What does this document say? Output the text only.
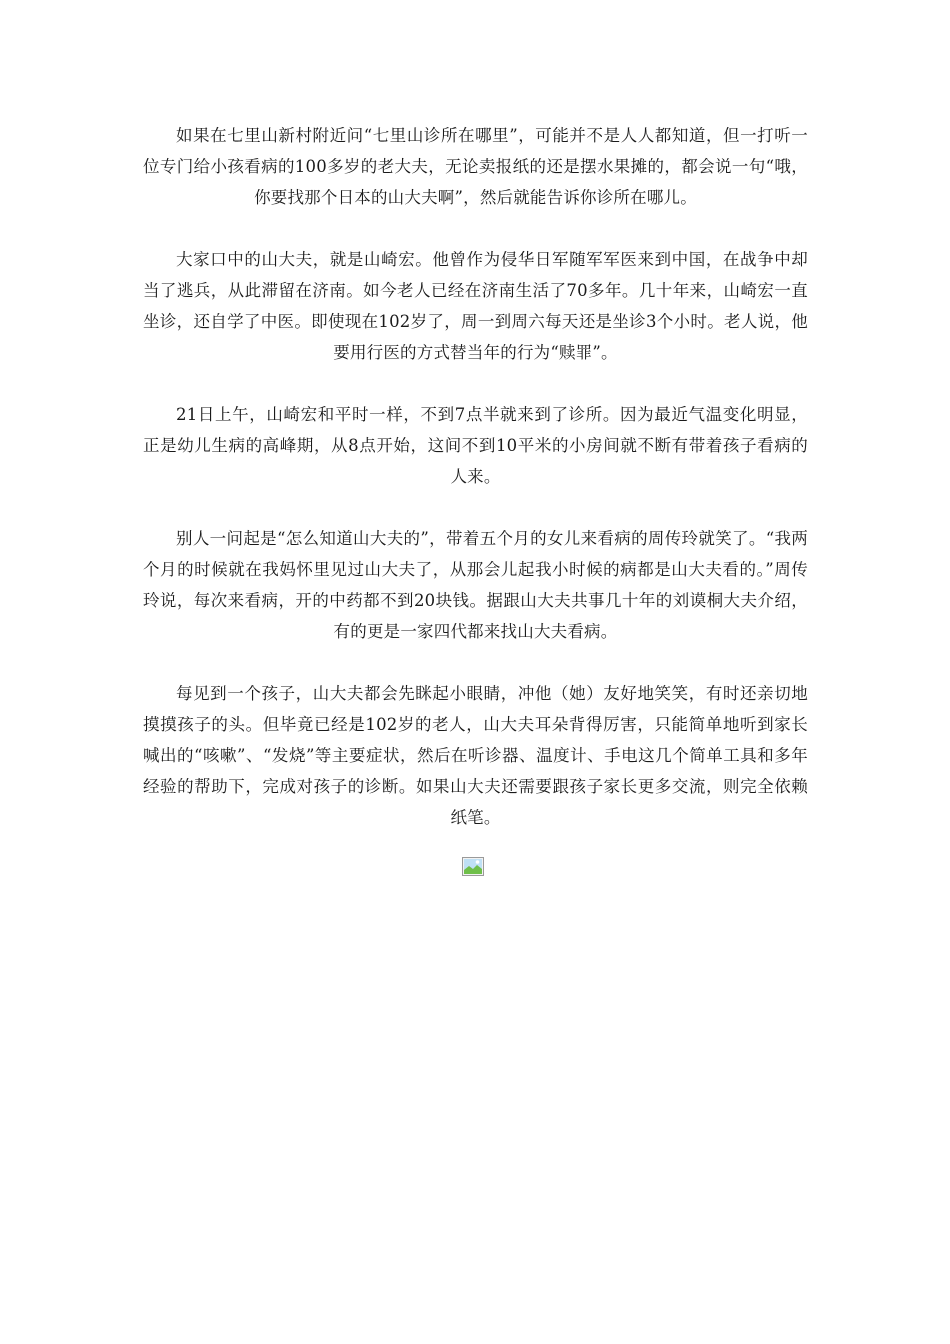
如果在七里山新村附近问“七里山诊所在哪里”，可能并不是人人都知道，但一打听一位专门给小孩看病的100多岁的老大夫，无论卖报纸的还是摆水果摊的，都会说一句“哦，你要找那个日本的山大夫啊”，然后就能告诉你诊所在哪儿。

大家口中的山大夫，就是山崎宏。他曾作为侵华日军随军军医来到中国，在战争中却当了逃兵，从此滞留在济南。如今老人已经在济南生活了70多年。几十年来，山崎宏一直坐诊，还自学了中医。即使现在102岁了，周一到周六每天还是坐诊3个小时。老人说，他要用行医的方式替当年的行为“赎罪”。

21日上午，山崎宏和平时一样，不到7点半就来到了诊所。因为最近气温变化明显，正是幼儿生病的高峰期，从8点开始，这间不到10平米的小房间就不断有带着孩子看病的人来。

别人一问起是“怎么知道山大夫的”，带着五个月的女儿来看病的周传玲就笑了。“我两个月的时候就在我妈怀里见过山大夫了，从那会儿起我小时候的病都是山大夫看的。”周传玲说，每次来看病，开的中药都不到20块钱。据跟山大夫共事几十年的刘谟桐大夫介绍，有的更是一家四代都来找山大夫看病。

每见到一个孩子，山大夫都会先眯起小眼睛，冲他（她）友好地笑笑，有时还亲切地摸摸孩子的头。但毕竟已经是102岁的老人，山大夫耳朵背得厉害，只能简单地听到家长喊出的“咳嗽”、“发烧”等主要症状，然后在听诊器、温度计、手电这几个简单工具和多年经验的帮助下，完成对孩子的诊断。如果山大夫还需要跟孩子家长更多交流，则完全依赖纸笔。
